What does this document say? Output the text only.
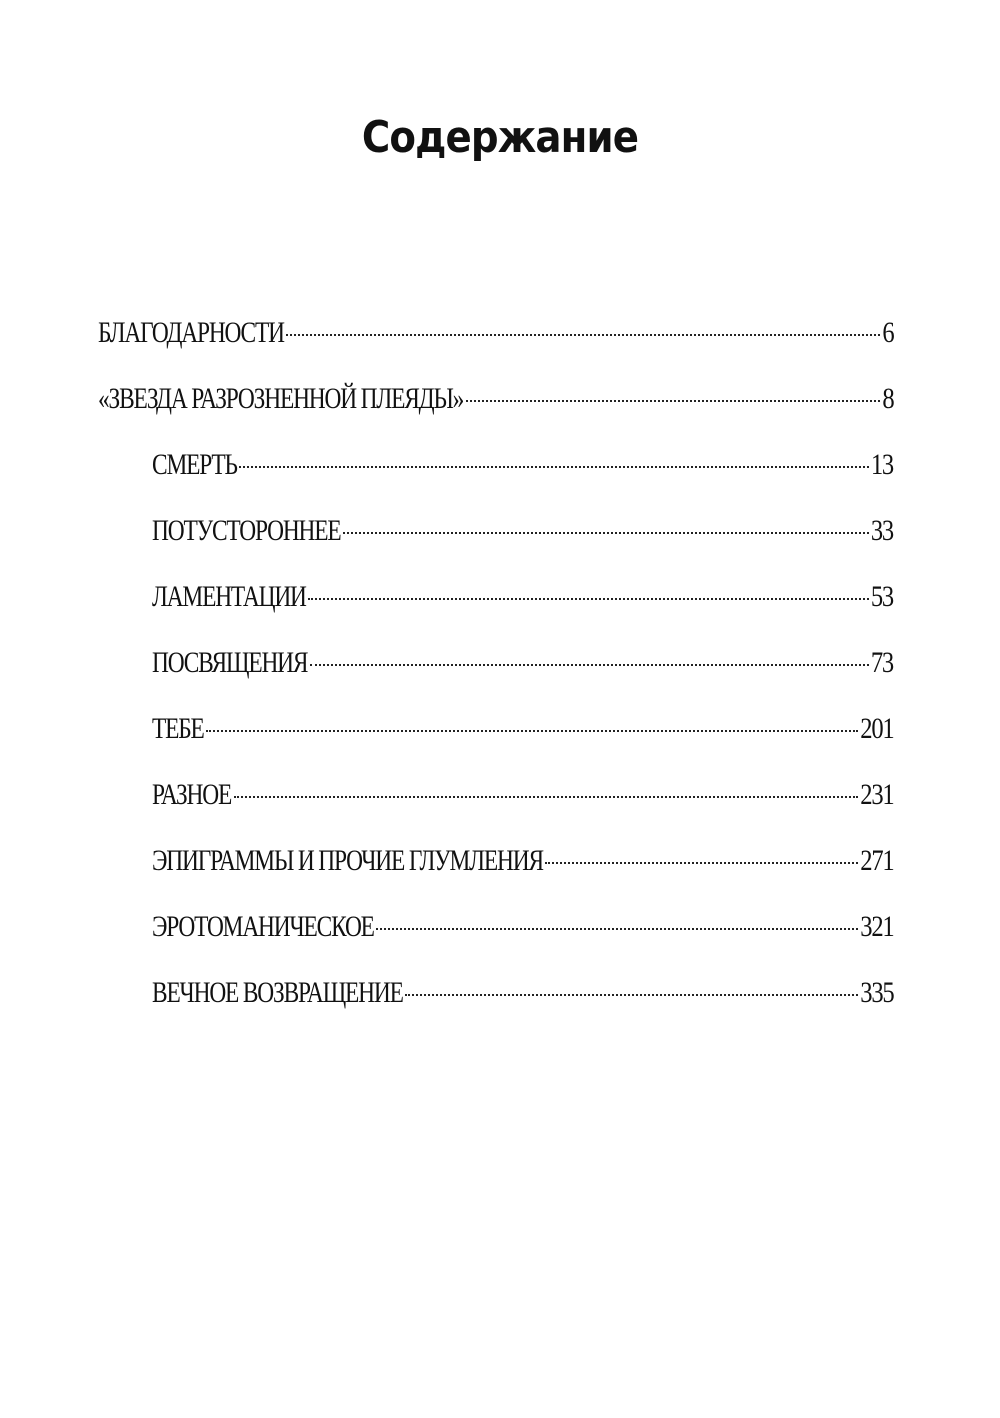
Содержание
БЛАГОДАРНОСТИ	6
«ЗВЕЗДА РАЗРОЗНЕННОЙ ПЛЕЯДЫ»	8
СМЕРТЬ	13
ПОТУСТОРОННЕЕ	33
ЛАМЕНТАЦИИ	53
ПОСВЯЩЕНИЯ	73
ТЕБЕ	201
РАЗНОЕ	231
ЭПИГРАММЫ И ПРОЧИЕ ГЛУМЛЕНИЯ	271
ЭРОТОМАНИЧЕСКОЕ	321
ВЕЧНОЕ ВОЗВРАЩЕНИЕ	335
